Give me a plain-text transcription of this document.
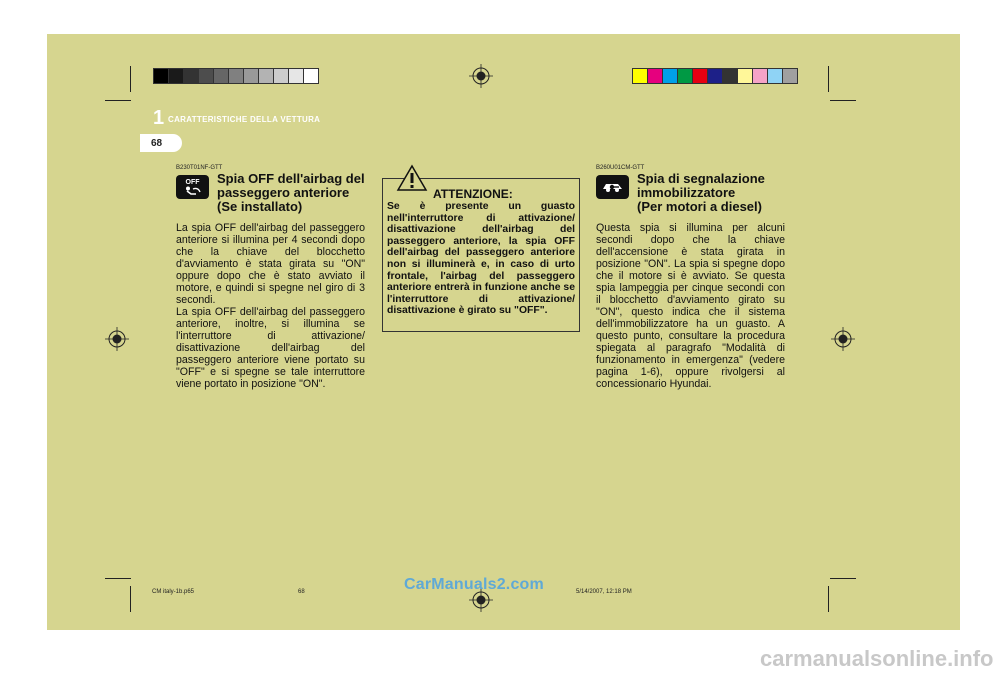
1 CARATTERISTICHE DELLA VETTURA
68
B230T01NF-GTT
OFF Spia OFF dell'airbag del
passeggero anteriore
(Se installato)

La spia OFF dell'airbag del passeggero anteriore si illumina per 4 secondi dopo che la chiave del blocchetto d'avviamento è stata girata su "ON" oppure dopo che è stato avviato il motore, e quindi si spegne nel giro di 3 secondi.

La spia OFF dell'airbag del passeggero anteriore, inoltre, si illumina se l'interruttore di attivazione/ disattivazione dell'airbag del passeggero anteriore viene portato su "OFF" e si spegne se tale interruttore viene portato in posizione "ON".

ATTENZIONE:
Se è presente un guasto nell'interruttore di attivazione/ disattivazione dell'airbag del passeggero anteriore, la spia OFF dell'airbag del passeggero anteriore non si illuminerà e, in caso di urto frontale, l'airbag del passeggero anteriore entrerà in funzione anche se l'interruttore di attivazione/ disattivazione è girato su "OFF".
B260U01CM-GTT
Spia di segnalazione
immobilizzatore
(Per motori a diesel)

Questa spia si illumina per alcuni secondi dopo che la chiave dell'accensione è stata girata in posizione "ON". La spia si spegne dopo che il motore si è avviato. Se questa spia lampeggia per cinque secondi con il blocchetto d'avviamento girato su "ON", questo indica che il sistema dell'immobilizzatore ha un guasto. A questo punto, consultare la procedura spiegata al paragrafo "Modalità di funzionamento in emergenza" (vedere pagina 1-6), oppure rivolgersi al concessionario Hyundai.

CM italy-1b.p65	68	5/14/2007, 12:18 PM
CarManuals2.com
carmanualsonline.info
